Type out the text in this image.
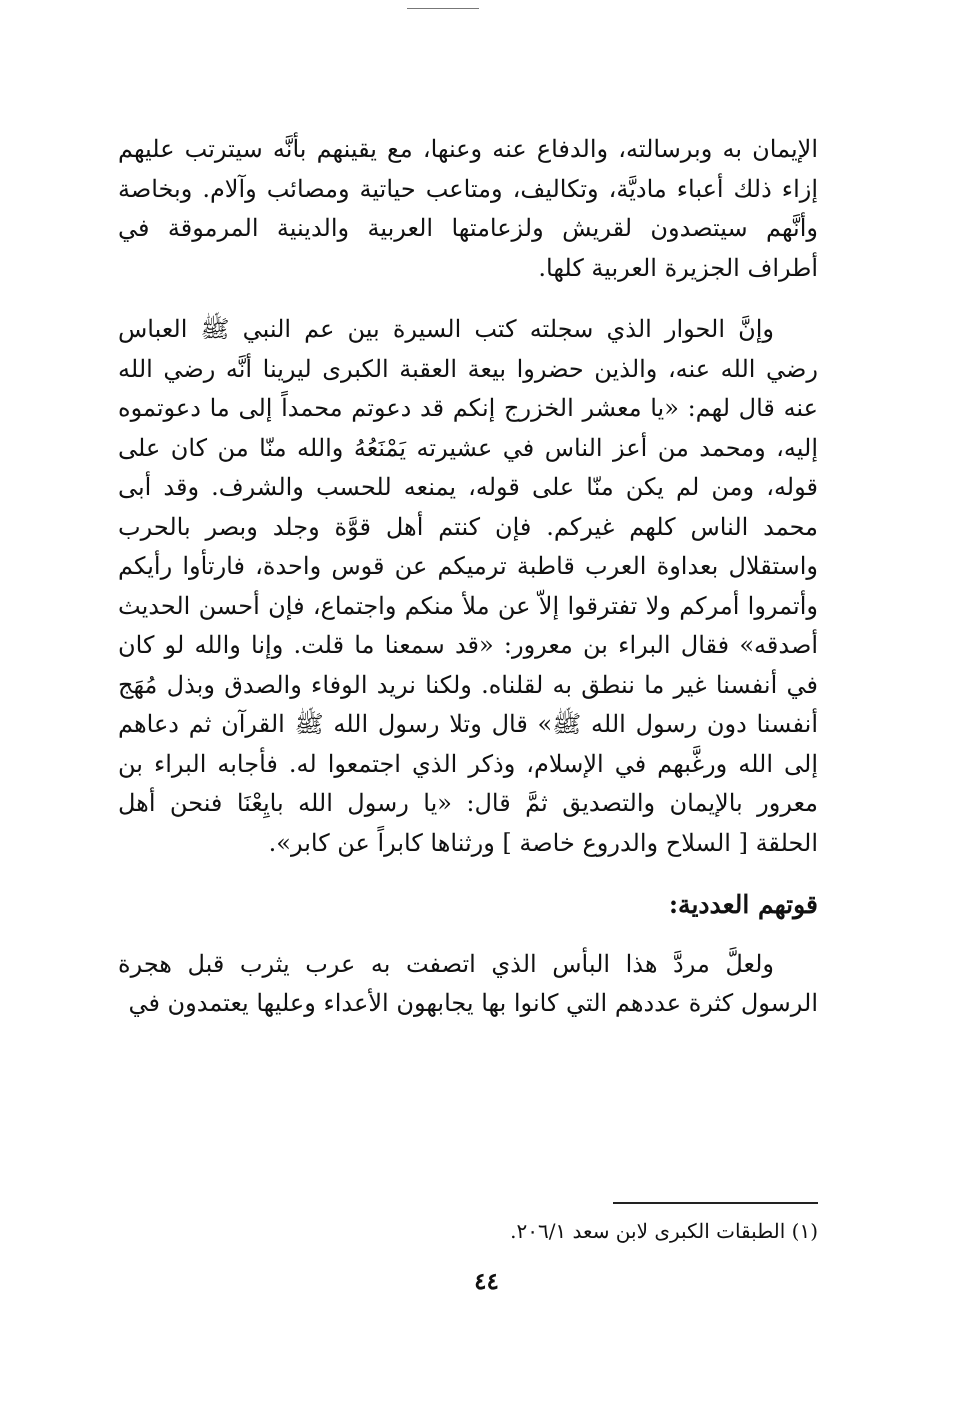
الإيمان به وبرسالته، والدفاع عنه وعنها، مع يقينهم بأنَّه سيترتب عليهم إزاء ذلك أعباء ماديَّة، وتكاليف، ومتاعب حياتية ومصائب وآلام. وبخاصة وأنَّهم سيتصدون لقريش ولزعامتها العربية والدينية المرموقة في أطراف الجزيرة العربية كلها.

وإنَّ الحوار الذي سجلته كتب السيرة بين عم النبي ﷺ العباس رضي الله عنه، والذين حضروا بيعة العقبة الكبرى ليرينا أنَّه رضي الله عنه قال لهم: «يا معشر الخزرج إنكم قد دعوتم محمداً إلى ما دعوتموه إليه، ومحمد من أعز الناس في عشيرته يَمْنَعُهُ والله منّا من كان على قوله، ومن لم يكن منّا على قوله، يمنعه للحسب والشرف. وقد أبى محمد الناس كلهم غيركم. فإن كنتم أهل قوَّة وجلد وبصر بالحرب واستقلال بعداوة العرب قاطبة ترميكم عن قوس واحدة، فارتأوا رأيكم وأتمروا أمركم ولا تفترقوا إلاّ عن ملأ منكم واجتماع، فإن أحسن الحديث أصدقه» فقال البراء بن معرور: «قد سمعنا ما قلت. وإنا والله لو كان في أنفسنا غير ما ننطق به لقلناه. ولكنا نريد الوفاء والصدق وبذل مُهَج أنفسنا دون رسول الله ﷺ» قال وتلا رسول الله ﷺ القرآن ثم دعاهم إلى الله ورغَّبهم في الإسلام، وذكر الذي اجتمعوا له. فأجابه البراء بن معرور بالإيمان والتصديق ثمَّ قال: «يا رسول الله بايِعْنَا فنحن أهل الحلقة [ السلاح والدروع خاصة ] ورثناها كابراً عن كابر».

قوتهم العددية:

ولعلَّ مردَّ هذا البأس الذي اتصفت به عرب يثرب قبل هجرة الرسول كثرة عددهم التي كانوا بها يجابهون الأعداء وعليها يعتمدون في

(١) الطبقات الكبرى لابن سعد ٢٠٦/١.
٤٤
